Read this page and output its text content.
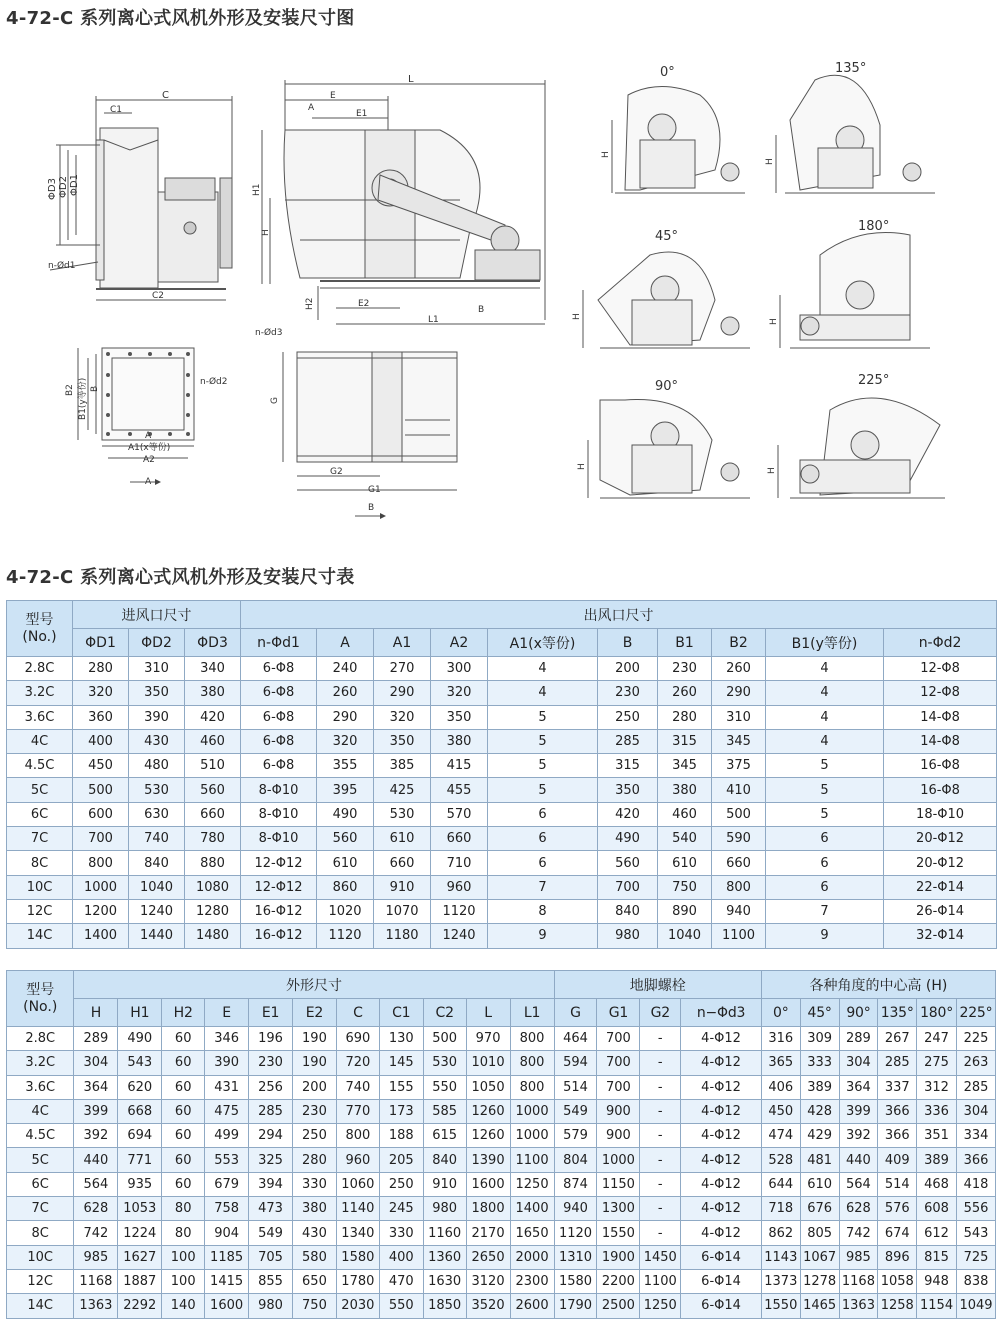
4-72-C 系列离心式风机外形及安装尺寸图
C
C1
ΦD3 ΦD2 ΦD1
n-Ød1
C2
L
E
A
E1
H1
H
H2	E2
L1
B
B2 B1(y等份) B
n-Ød2
A
A1(x等份)
A2
A
n-Ød3
G
G2
G1
B
0°	135°
45°
180°
90°	225°
H
H
H
H
H
H
4-72-C 系列离心式风机外形及安装尺寸表
型号
(No.)	进风口尺寸			出风口尺寸									
	ΦD1	ΦD2	ΦD3	n-Φd1	A	A1	A2	A1(x等份)	B	B1	B2	B1(y等份)	n-Φd2
2.8C	280	310	340	6-Φ8	240	270	300	4	200	230	260	4	12-Φ8
3.2C	320	350	380	6-Φ8	260	290	320	4	230	260	290	4	12-Φ8
3.6C	360	390	420	6-Φ8	290	320	350	5	250	280	310	4	14-Φ8
4C	400	430	460	6-Φ8	320	350	380	5	285	315	345	4	14-Φ8
4.5C	450	480	510	6-Φ8	355	385	415	5	315	345	375	5	16-Φ8
5C	500	530	560	8-Φ10	395	425	455	5	350	380	410	5	16-Φ8
6C	600	630	660	8-Φ10	490	530	570	6	420	460	500	5	18-Φ10
7C	700	740	780	8-Φ10	560	610	660	6	490	540	590	6	20-Φ12
8C	800	840	880	12-Φ12	610	660	710	6	560	610	660	6	20-Φ12
10C	1000	1040	1080	12-Φ12	860	910	960	7	700	750	800	6	22-Φ14
12C	1200	1240	1280	16-Φ12	1020	1070	1120	8	840	890	940	7	26-Φ14
14C	1400	1440	1480	16-Φ12	1120	1180	1240	9	980	1040	1100	9	32-Φ14
型号
(No.)	外形尺寸											地脚螺栓				各种角度的中心高 (H)					
	H	H1	H2	E	E1	E2	C	C1	C2	L	L1	G	G1	G2	n−Φd3	0°	45°	90°	135°	180°	225°
2.8C	289	490	60	346	196	190	690	130	500	970	800	464	700	-	4-Φ12	316	309	289	267	247	225
3.2C	304	543	60	390	230	190	720	145	530	1010	800	594	700	-	4-Φ12	365	333	304	285	275	263
3.6C	364	620	60	431	256	200	740	155	550	1050	800	514	700	-	4-Φ12	406	389	364	337	312	285
4C	399	668	60	475	285	230	770	173	585	1260	1000	549	900	-	4-Φ12	450	428	399	366	336	304
4.5C	392	694	60	499	294	250	800	188	615	1260	1000	579	900	-	4-Φ12	474	429	392	366	351	334
5C	440	771	60	553	325	280	960	205	840	1390	1100	804	1000	-	4-Φ12	528	481	440	409	389	366
6C	564	935	60	679	394	330	1060	250	910	1600	1250	874	1150	-	4-Φ12	644	610	564	514	468	418
7C	628	1053	80	758	473	380	1140	245	980	1800	1400	940	1300	-	4-Φ12	718	676	628	576	608	556
8C	742	1224	80	904	549	430	1340	330	1160	2170	1650	1120	1550	-	4-Φ12	862	805	742	674	612	543
10C	985	1627	100	1185	705	580	1580	400	1360	2650	2000	1310	1900	1450	6-Φ14	1143	1067	985	896	815	725
12C	1168	1887	100	1415	855	650	1780	470	1630	3120	2300	1580	2200	1100	6-Φ14	1373	1278	1168	1058	948	838
14C	1363	2292	140	1600	980	750	2030	550	1850	3520	2600	1790	2500	1250	6-Φ14	1550	1465	1363	1258	1154	1049
